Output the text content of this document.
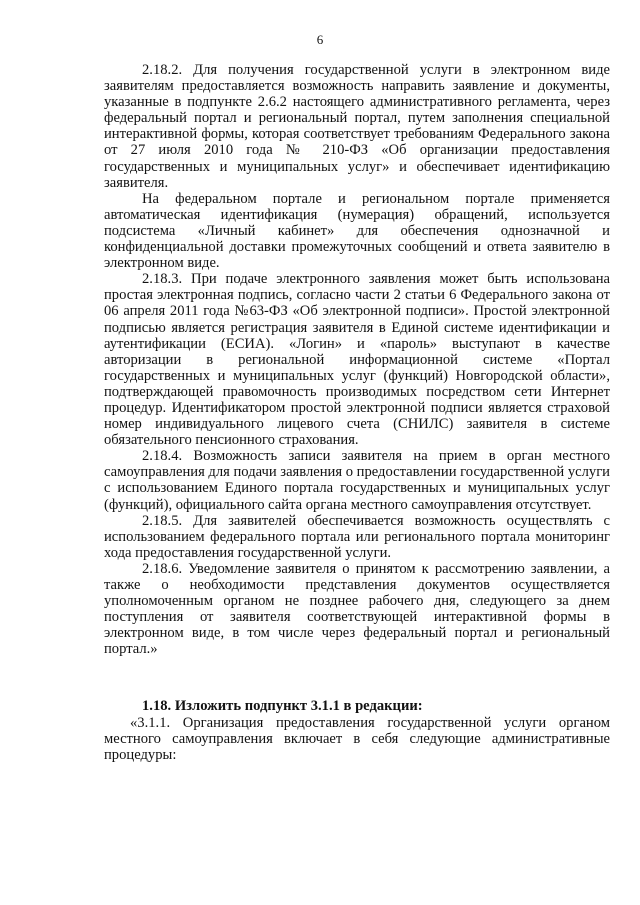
6

2.18.2. Для получения государственной услуги в электронном виде заявителям предоставляется возможность направить заявление и документы, указанные в подпункте 2.6.2 настоящего административного регламента, через федеральный портал и региональный портал, путем заполнения специальной интерактивной формы, которая соответствует требованиям Федерального закона от 27 июля 2010 года № 210-ФЗ «Об организации предоставления государственных и муниципальных услуг» и обеспечивает идентификацию заявителя.

На федеральном портале и региональном портале применяется автоматическая идентификация (нумерация) обращений, используется подсистема «Личный кабинет» для обеспечения однозначной и конфиденциальной доставки промежуточных сообщений и ответа заявителю в электронном виде.

2.18.3. При подаче электронного заявления может быть использована простая электронная подпись, согласно части 2 статьи 6 Федерального закона от 06 апреля 2011 года №63-ФЗ «Об электронной подписи». Простой электронной подписью является регистрация заявителя в Единой системе идентификации и аутентификации (ЕСИА). «Логин» и «пароль» выступают в качестве авторизации в региональной информационной системе «Портал государственных и муниципальных услуг (функций) Новгородской области», подтверждающей правомочность производимых посредством сети Интернет процедур. Идентификатором простой электронной подписи является страховой номер индивидуального лицевого счета (СНИЛС) заявителя в системе обязательного пенсионного страхования.

2.18.4. Возможность записи заявителя на прием в орган местного самоуправления для подачи заявления о предоставлении государственной услуги с использованием Единого портала государственных и муниципальных услуг (функций), официального сайта органа местного самоуправления отсутствует.

2.18.5. Для заявителей обеспечивается возможность осуществлять с использованием федерального портала или регионального портала мониторинг хода предоставления государственной услуги.

2.18.6. Уведомление заявителя о принятом к рассмотрению заявлении, а также о необходимости представления документов осуществляется уполномоченным органом не позднее рабочего дня, следующего за днем поступления от заявителя соответствующей интерактивной формы в электронном виде, в том числе через федеральный портал и региональный портал.»

1.18. Изложить подпункт 3.1.1 в редакции:

«3.1.1. Организация предоставления государственной услуги органом местного самоуправления включает в себя следующие административные процедуры:
